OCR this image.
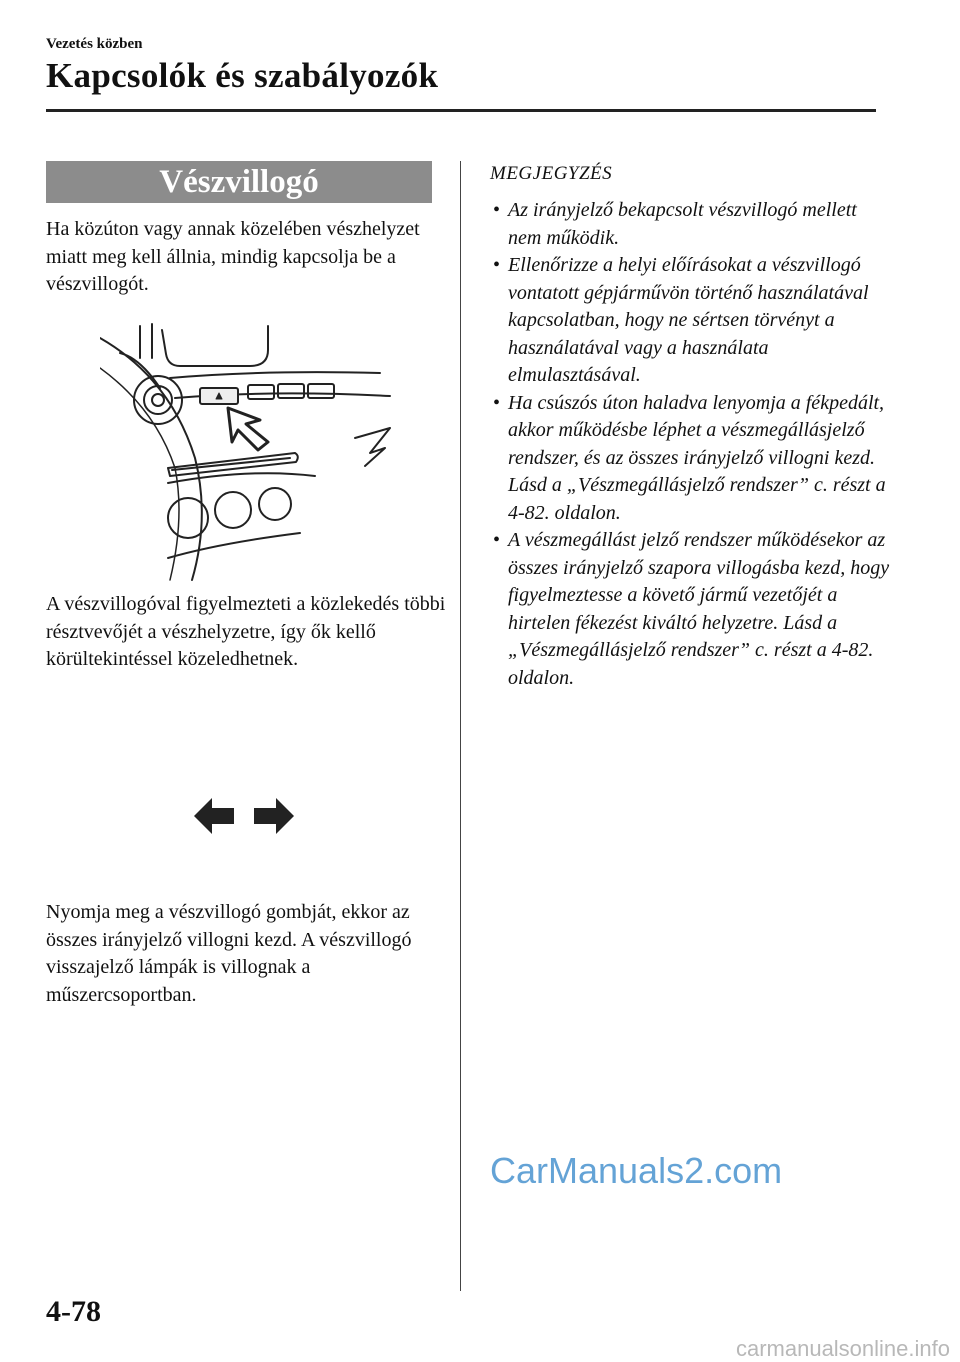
Vezetés közben
Kapcsolók és szabályozók
Vészvillogó

Ha közúton vagy annak közelében vészhelyzet miatt meg kell állnia, mindig kapcsolja be a vészvillogót.

A vészvillogóval figyelmezteti a közlekedés többi résztvevőjét a vészhelyzetre, így ők kellő körültekintéssel közeledhetnek.

Nyomja meg a vészvillogó gombját, ekkor az összes irányjelző villogni kezd. A vészvillogó visszajelző lámpák is villognak a műszercsoportban.

MEGJEGYZÉS
• Az irányjelző bekapcsolt vészvillogó mellett nem működik.
• Ellenőrizze a helyi előírásokat a vészvillogó vontatott gépjárművön történő használatával kapcsolatban, hogy ne sértsen törvényt a használatával vagy a használata elmulasztásával.
• Ha csúszós úton haladva lenyomja a fékpedált, akkor működésbe léphet a vészmegállásjelző rendszer, és az összes irányjelző villogni kezd. Lásd a „Vészmegállásjelző rendszer” c. részt a 4-82. oldalon.
• A vészmegállást jelző rendszer működésekor az összes irányjelző szapora villogásba kezd, hogy figyelmeztesse a követő jármű vezetőjét a hirtelen fékezést kiváltó helyzetre. Lásd a „Vészmegállásjelző rendszer” c. részt a 4-82. oldalon.
CarManuals2.com
4-78
carmanualsonline.info
